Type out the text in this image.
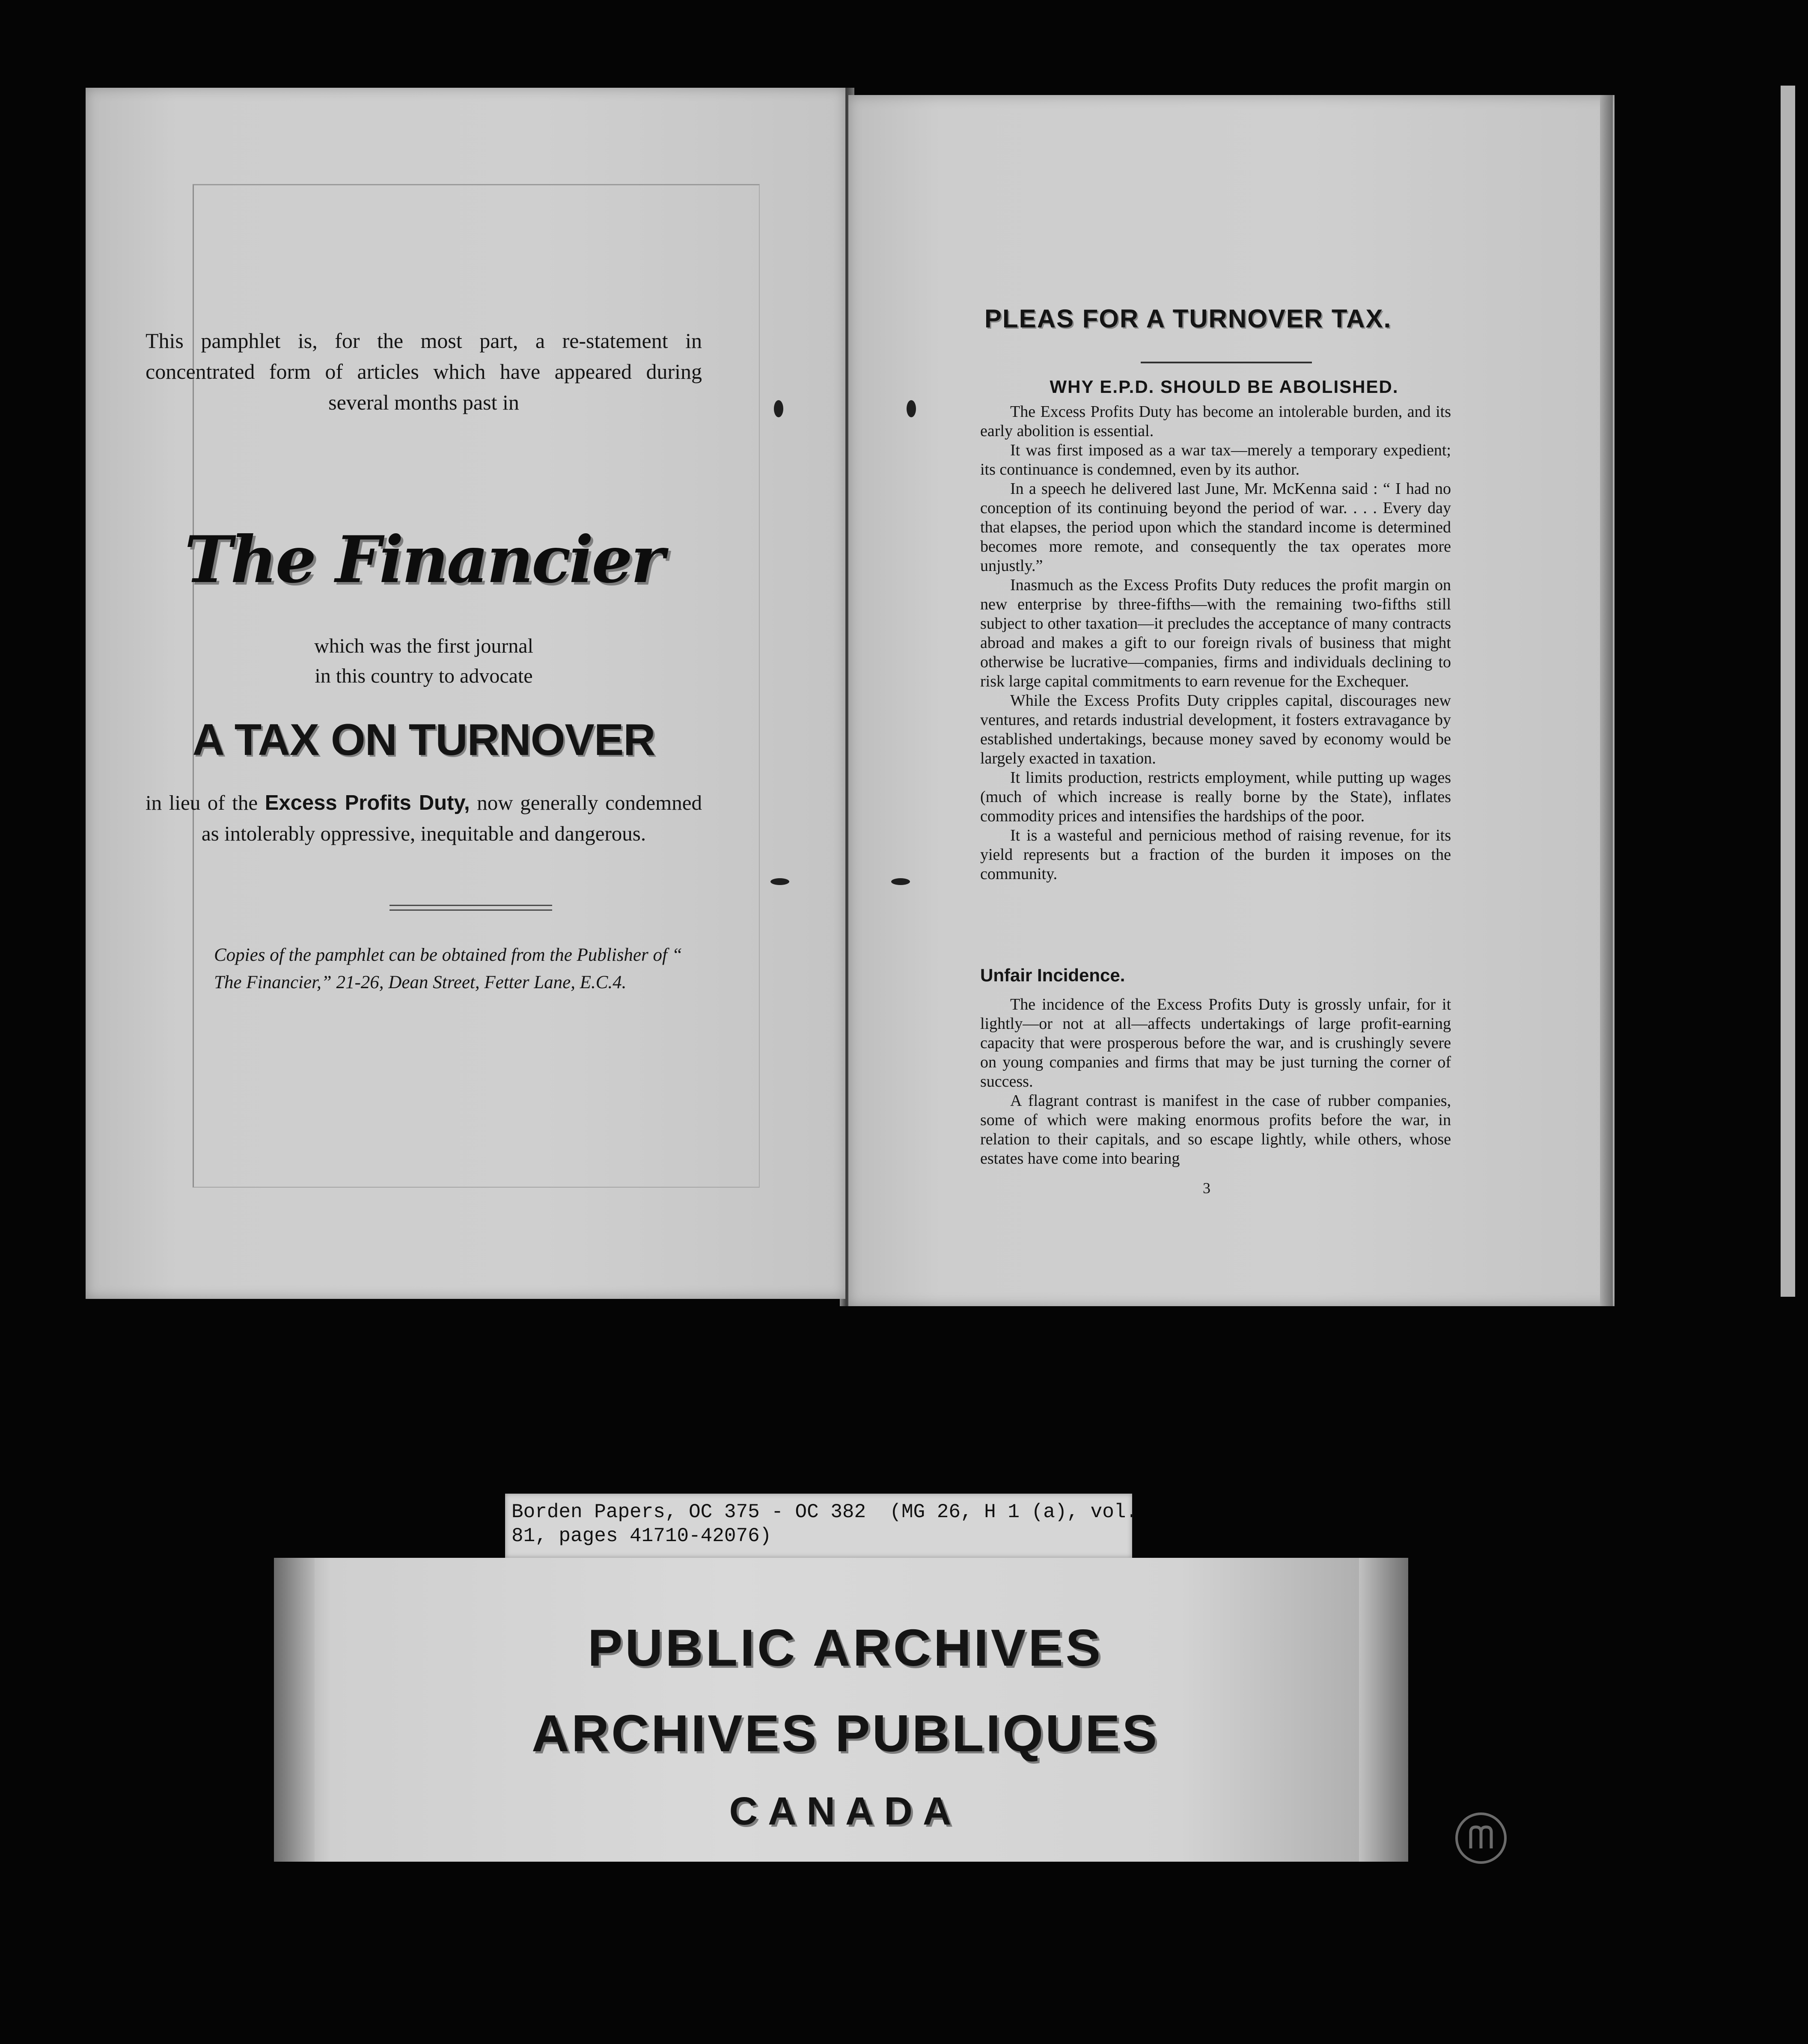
This pamphlet is, for the most part, a re-statement in concentrated form of articles which have appeared during several months past in
The Financier
which was the first journal
in this country to advocate
A TAX ON TURNOVER
in lieu of the Excess Profits Duty, now generally condemned as intolerably oppressive, inequitable and dangerous.
Copies of the pamphlet can be obtained from the Publisher of “ The Financier,” 21-26, Dean Street, Fetter Lane, E.C.4.
PLEAS FOR A TURNOVER TAX.
WHY E.P.D. SHOULD BE ABOLISHED.

The Excess Profits Duty has become an intolerable burden, and its early abolition is essential.

It was first imposed as a war tax—merely a temporary expedient; its continuance is condemned, even by its author.

In a speech he delivered last June, Mr. McKenna said : “ I had no conception of its continuing beyond the period of war. . . . Every day that elapses, the period upon which the standard income is determined becomes more remote, and consequently the tax operates more unjustly.”

Inasmuch as the Excess Profits Duty reduces the profit margin on new enterprise by three-fifths—with the remaining two-fifths still subject to other taxation—it precludes the acceptance of many contracts abroad and makes a gift to our foreign rivals of business that might otherwise be lucrative—companies, firms and individuals declining to risk large capital commitments to earn revenue for the Exchequer.

While the Excess Profits Duty cripples capital, discourages new ventures, and retards industrial development, it fosters extravagance by established undertakings, because money saved by economy would be largely exacted in taxation.

It limits production, restricts employment, while putting up wages (much of which increase is really borne by the State), inflates commodity prices and intensifies the hardships of the poor.

It is a wasteful and pernicious method of raising revenue, for its yield represents but a fraction of the burden it imposes on the community.

Unfair Incidence.

The incidence of the Excess Profits Duty is grossly unfair, for it lightly—or not at all—affects undertakings of large profit-earning capacity that were prosperous before the war, and is crushingly severe on young companies and firms that may be just turning the corner of success.

A flagrant contrast is manifest in the case of rubber companies, some of which were making enormous profits before the war, in relation to their capitals, and so escape lightly, while others, whose estates have come into bearing

3
Borden Papers, OC 375 - OC 382  (MG 26, H 1 (a), vol.
81, pages 41710-42076)
PUBLIC ARCHIVES
ARCHIVES PUBLIQUES
CANADA
